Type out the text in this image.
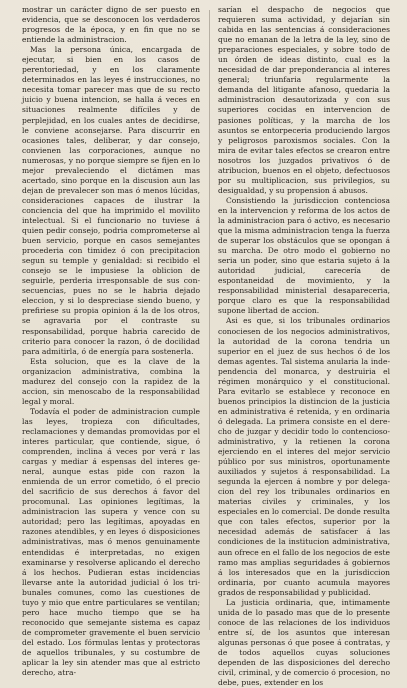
mostrar un carácter digno de ser puesto en evidencia, que se desconocen los verdaderos progresos de la época, y en fin que no se entiende la administracion.

Mas la persona única, encargada de ejecutar, si bien en los casos de perentoriedad, y en los claramente determinados en las leyes é instrucciones, no necesita tomar parecer mas que de su recto juicio y buena intencion, se halla á veces en situaciones realmente difíciles y de perplejidad, en los cuales antes de decidirse, le conviene aconsejarse. Para discurrir en ocasiones tales, deliberar, y dar consejo, convienen las corporaciones, aunque no numerosas, y no porque siempre se fijen en lo mejor prevaleciendo el dictámen mas acertado, sino porque en la discusion aun las dejan de prevalecer son mas ó menos lúcidas, consideraciones capaces de ilustrar la conciencia del que ha imprimido el movilito intelectual. Si el funcionario no tuviese á quien pedir consejo, podria comprometerse al buen servicio, porque en casos semejantes procederia con timidez ó con precipitacion segun su temple y genialdad: si recibido el consejo se le impusiese la oblicion de seguirle, perderia irresponsable de sus consecuencias, pues no se le habria dejado eleccion, y si lo despreciase siendo bueno, y prefiriese su propia opinion á la de los otros, se agravaria por el contraste su responsabilidad, porque habria carecido de criterio para conocer la razon, ó de docilidad para admitirla, ó de energía para sostenerla.

Esta solucion, que es la clave de la organizacion administrativa, combina la madurez del consejo con la rapidez de la accion, sin menoscabo de la responsabilidad legal y moral.

Todavía el poder de administracion cumple las leyes, tropieza con dificultades, reclamaciones y demandas promovidas por el interes particular, que contiende, sigue, ó comprenden, inclina á veces por verá r las cargas y mediar á espensas del interes general, aunque estas pide con razon la enmienda de un error cometido, ó el precio del sacrificio de sus derechos á favor del procomunal. Las opiniones legítimas, la administracion las supera y vence con su autoridad; pero las legítimas, apoyadas en razones atendibles, y en leyes ó disposiciones administrativas, mas ó menos genuinamente entendidas é interpretadas, no exigen examinarse y resolverse aplicando el derecho á los hechos. Pudieran estas incidencias llevarse ante la autoridad judicial ó los tribunales comunes, como las cuestiones de tuyo y mio que entre particulares se ventilan; pero hace mucho tiempo que se ha reconocido que semejante sistema es capaz de comprometer gravemente el buen servicio del estado. Los fórmulas lentas y protectoras de aquellos tribunales, y su costumbre de aplicar la ley sin atender mas que al estricto derecho, atra-

sarían el despacho de negocios que requieren suma actividad, y dejarían sin cabida en las sentencias á consideraciones que no emanan de la letra de la ley, sino de preparaciones especiales, y sobre todo de un órden de ideas distinto, cual es la necesidad de dar preponderancia al interes general; triunfaria regularmente la demanda del litigante afanoso, quedaria la administracion desautorizada y con sus superiores cocidas en intervencion de pasiones políticas, y la marcha de los asuntos se entorpeceria produciendo largos y peligrosos paroxismos sociales. Con la mira de evitar tales efectos se crearon entre nosotros los juzgados privativos ó de atribucion, buenos en el objeto, defectuosos por su multiplicacion, sus privilegios, su desigualdad, y su propension á abusos.

Consistiendo la jurisdiccion contenciosa en la intervencion y reforma de los actos de la administracion para ó activo, es necesario que la misma administracion tenga la fuerza de superar los obstáculos que se opongan á su marcha. De otro modo el gobierno no seria un poder, sino que estaria sujeto á la autoridad judicial, carecería de espontaneidad de movimiento, y la responsabilidad ministerial desapareceria, porque claro es que la responsabilidad supone libertad de accion.

Asi es que, si los tribunales ordinarios conociesen de los negocios administrativos, la autoridad de la corona tendria un superior en el juez de sus hechos ó de los demas agentes. Tal sistema anularia la independencia del monarca, y destruiria el régimen monárquico y el constitucional. Para evitarlo se establece y reconoce en buenos principios la distincion de la justicia en administrativa é retenida, y en ordinaria ó delegada. La primera consiste en el derecho de juzgar y decidir todo lo contencioso-administrativo, y la retienen la corona ejerciendo en el interes del mejor servicio público por sus ministros, oportunamente auxiliados y sujetos á responsabilidad. La segunda la ejercen á nombre y por delegacion del rey los tribunales ordinarios en materias civiles y criminales, y los especiales en lo comercial. De donde resulta que con tales efectos, superior por la necesidad además de satisfacer á las condiciones de la institucion administrativa, aun ofrece en el fallo de los negocios de este ramo mas amplias seguridades á gobiernos á los interesados que en la jurisdiccion ordinaria, por cuanto acumula mayores grados de responsabilidad y publicidad.

La justicia ordinaria, que, intimamente unida de lo pasado mas que de lo presente conoce de las relaciones de los individuos entre sí, de los asuntos que interesan algunas personas ó que posee á contratas, y de todos aquellos cuyas soluciones dependen de las disposiciones del derecho civil, criminal, y de comercio ó procesion, no debe, pues, extender en los
